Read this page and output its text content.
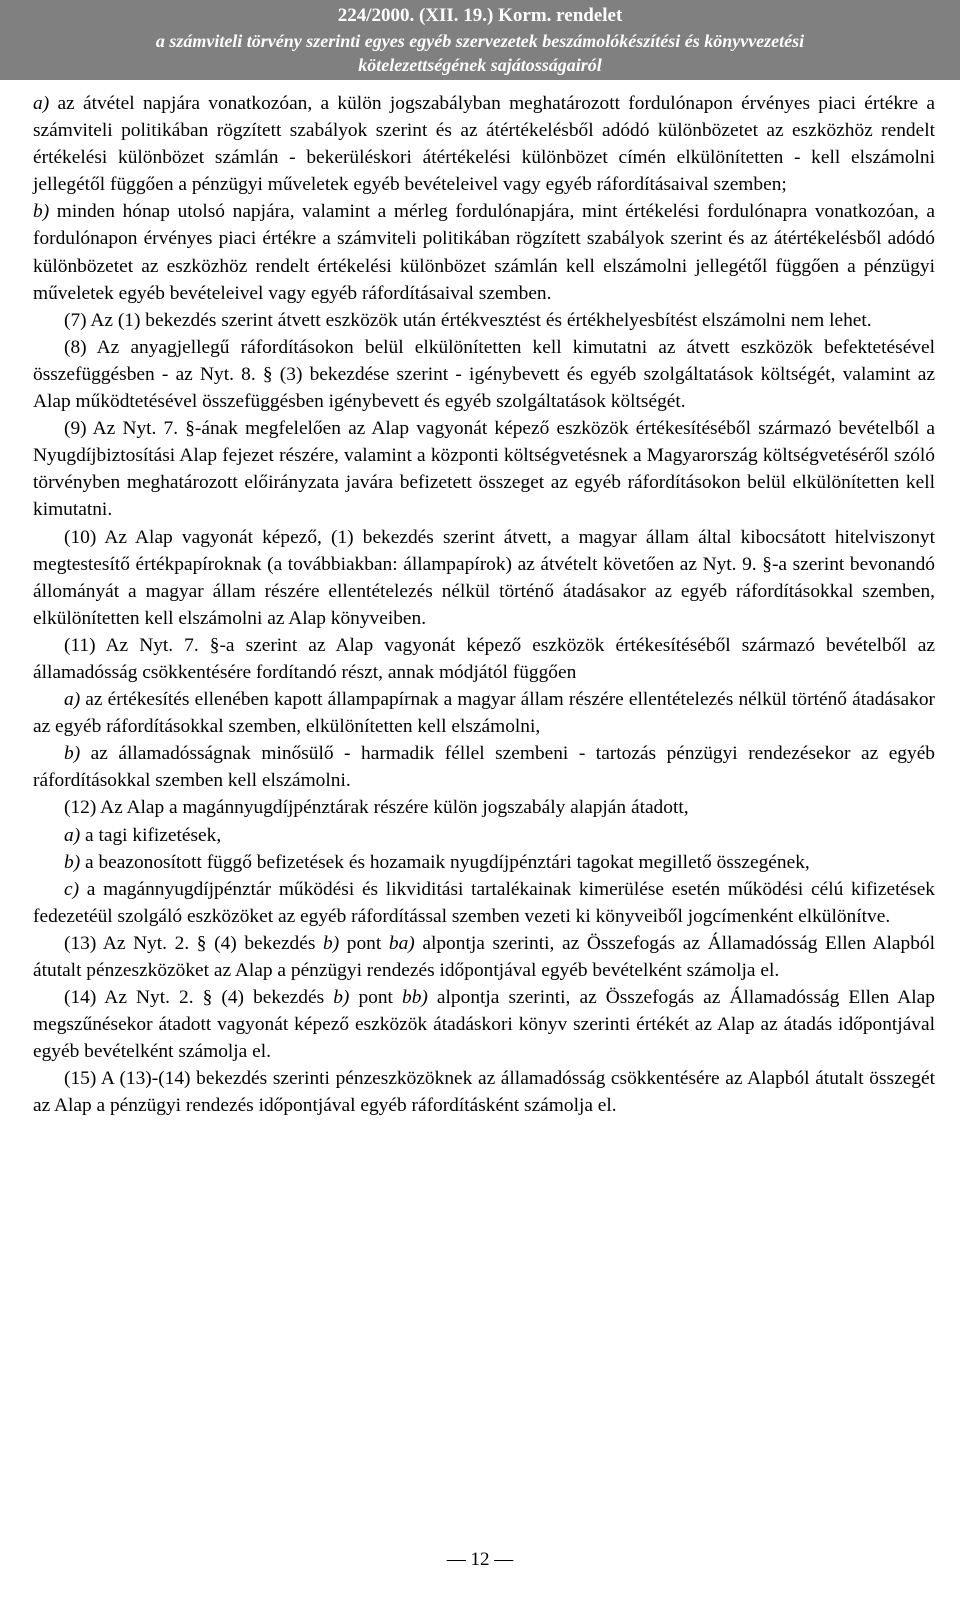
224/2000. (XII. 19.) Korm. rendelet
a számviteli törvény szerinti egyes egyéb szervezetek beszámolókészítési és könyvvezetési
kötelezettségének sajátosságairól

a) az átvétel napjára vonatkozóan, a külön jogszabályban meghatározott fordulónapon érvényes piaci értékre a számviteli politikában rögzített szabályok szerint és az átértékelésből adódó különbözetet az eszközhöz rendelt értékelési különbözet számlán - bekerüléskori átértékelési különbözet címén elkülönítetten - kell elszámolni jellegétől függően a pénzügyi műveletek egyéb bevételeivel vagy egyéb ráfordításaival szemben;

b) minden hónap utolsó napjára, valamint a mérleg fordulónapjára, mint értékelési fordulónapra vonatkozóan, a fordulónapon érvényes piaci értékre a számviteli politikában rögzített szabályok szerint és az átértékelésből adódó különbözetet az eszközhöz rendelt értékelési különbözet számlán kell elszámolni jellegétől függően a pénzügyi műveletek egyéb bevételeivel vagy egyéb ráfordításaival szemben.

(7) Az (1) bekezdés szerint átvett eszközök után értékvesztést és értékhelyesbítést elszámolni nem lehet.

(8) Az anyagjellegű ráfordításokon belül elkülönítetten kell kimutatni az átvett eszközök befektetésével összefüggésben - az Nyt. 8. § (3) bekezdése szerint - igénybevett és egyéb szolgáltatások költségét, valamint az Alap működtetésével összefüggésben igénybevett és egyéb szolgáltatások költségét.

(9) Az Nyt. 7. §-ának megfelelően az Alap vagyonát képező eszközök értékesítéséből származó bevételből a Nyugdíjbiztosítási Alap fejezet részére, valamint a központi költségvetésnek a Magyarország költségvetéséről szóló törvényben meghatározott előirányzata javára befizetett összeget az egyéb ráfordításokon belül elkülönítetten kell kimutatni.

(10) Az Alap vagyonát képező, (1) bekezdés szerint átvett, a magyar állam által kibocsátott hitelviszonyt megtestesítő értékpapíroknak (a továbbiakban: állampapírok) az átvételt követően az Nyt. 9. §-a szerint bevonandó állományát a magyar állam részére ellentételezés nélkül történő átadásakor az egyéb ráfordításokkal szemben, elkülönítetten kell elszámolni az Alap könyveiben.

(11) Az Nyt. 7. §-a szerint az Alap vagyonát képező eszközök értékesítéséből származó bevételből az államadósság csökkentésére fordítandó részt, annak módjától függően

a) az értékesítés ellenében kapott állampapírnak a magyar állam részére ellentételezés nélkül történő átadásakor az egyéb ráfordításokkal szemben, elkülönítetten kell elszámolni,

b) az államadósságnak minősülő - harmadik féllel szembeni - tartozás pénzügyi rendezésekor az egyéb ráfordításokkal szemben kell elszámolni.

(12) Az Alap a magánnyugdíjpénztárak részére külön jogszabály alapján átadott,

a) a tagi kifizetések,

b) a beazonosított függő befizetések és hozamaik nyugdíjpénztári tagokat megillető összegének,

c) a magánnyugdíjpénztár működési és likviditási tartalékainak kimerülése esetén működési célú kifizetések fedezetéül szolgáló eszközöket az egyéb ráfordítással szemben vezeti ki könyveiből jogcímenként elkülönítve.

(13) Az Nyt. 2. § (4) bekezdés b) pont ba) alpontja szerinti, az Összefogás az Államadósság Ellen Alapból átutalt pénzeszközöket az Alap a pénzügyi rendezés időpontjával egyéb bevételként számolja el.

(14) Az Nyt. 2. § (4) bekezdés b) pont bb) alpontja szerinti, az Összefogás az Államadósság Ellen Alap megszűnésekor átadott vagyonát képező eszközök átadáskori könyv szerinti értékét az Alap az átadás időpontjával egyéb bevételként számolja el.

(15) A (13)-(14) bekezdés szerinti pénzeszközöknek az államadósság csökkentésére az Alapból átutalt összegét az Alap a pénzügyi rendezés időpontjával egyéb ráfordításként számolja el.

— 12 —
